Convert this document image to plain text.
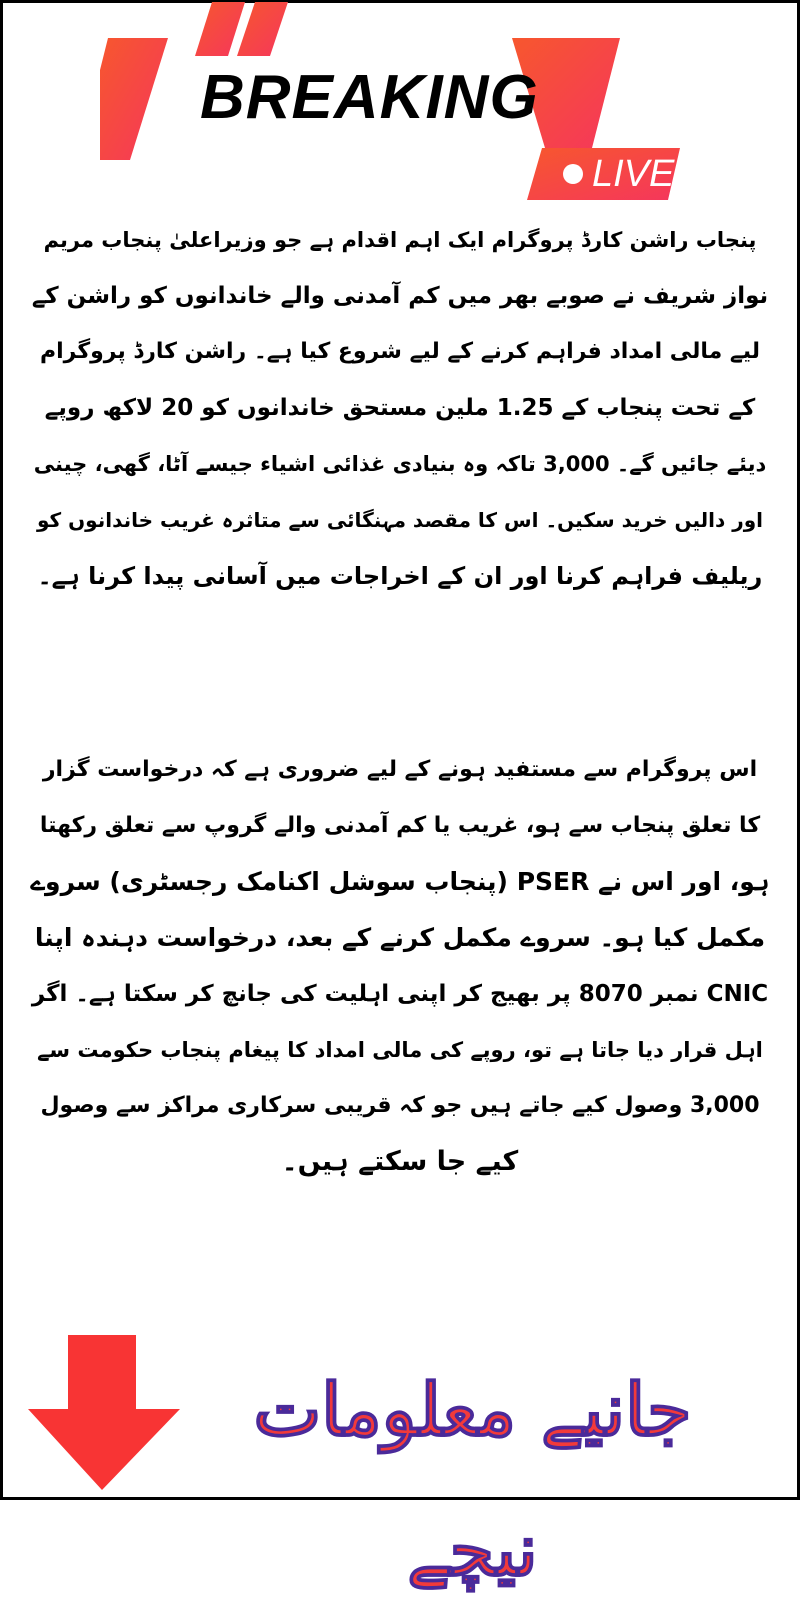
BREAKING
LIVE
پنجاب راشن کارڈ پروگرام ایک اہم اقدام ہے جو وزیراعلیٰ پنجاب مریم
نواز شریف نے صوبے بھر میں کم آمدنی والے خاندانوں کو راشن کے
لیے مالی امداد فراہم کرنے کے لیے شروع کیا ہے۔ راشن کارڈ پروگرام
کے تحت پنجاب کے 1.25 ملین مستحق خاندانوں کو 20 لاکھ روپے
دیئے جائیں گے۔ 3,000 تاکہ وہ بنیادی غذائی اشیاء جیسے آٹا، گھی، چینی
اور دالیں خرید سکیں۔ اس کا مقصد مہنگائی سے متاثرہ غریب خاندانوں کو
ریلیف فراہم کرنا اور ان کے اخراجات میں آسانی پیدا کرنا ہے۔
اس پروگرام سے مستفید ہونے کے لیے ضروری ہے کہ درخواست گزار
کا تعلق پنجاب سے ہو، غریب یا کم آمدنی والے گروپ سے تعلق رکھتا
ہو، اور اس نے PSER (پنجاب سوشل اکنامک رجسٹری) سروے
مکمل کیا ہو۔ سروے مکمل کرنے کے بعد، درخواست دہندہ اپنا
CNIC نمبر 8070 پر بھیج کر اپنی اہلیت کی جانچ کر سکتا ہے۔ اگر
اہل قرار دیا جاتا ہے تو، روپے کی مالی امداد کا پیغام پنجاب حکومت سے
3,000 وصول کیے جاتے ہیں جو کہ قریبی سرکاری مراکز سے وصول
کیے جا سکتے ہیں۔
جانیے معلومات نیچے
